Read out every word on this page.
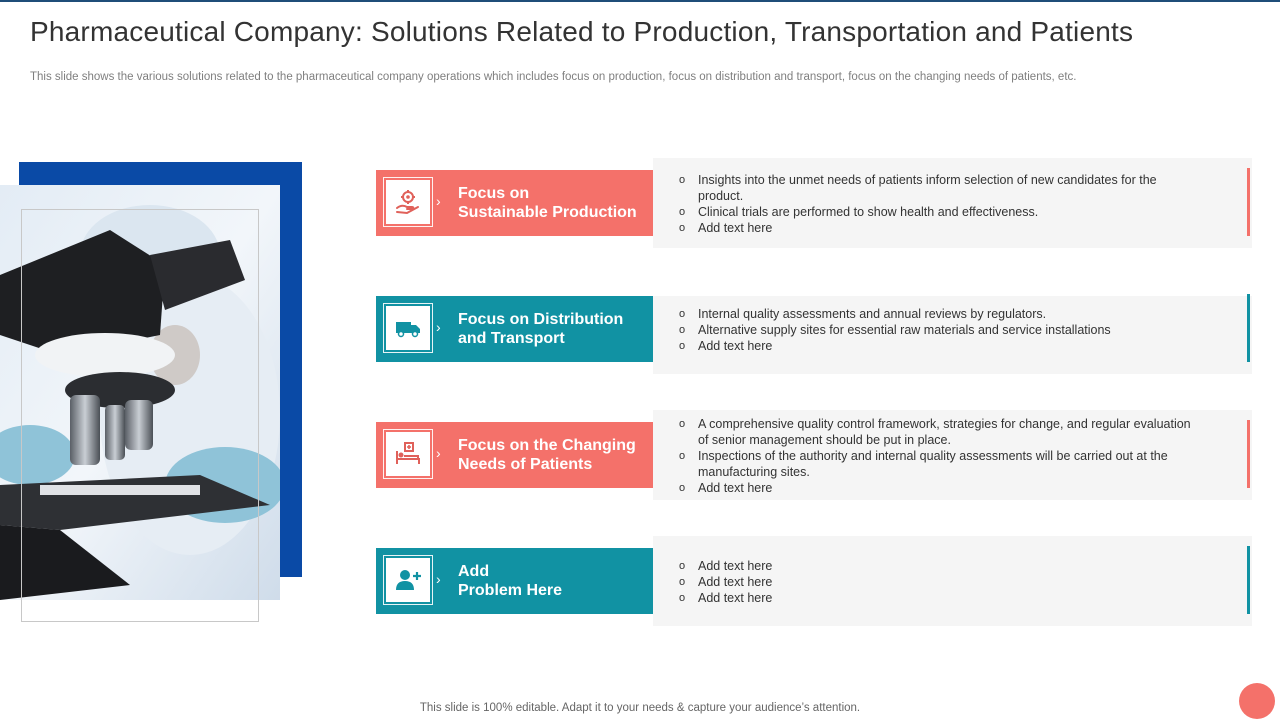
Pharmaceutical Company: Solutions Related to Production, Transportation and Patients
This slide shows the various solutions related to the pharmaceutical company operations which includes focus on production, focus on distribution and transport, focus on the changing needs of patients, etc.
› Focus on
Sustainable Production
o Insights into the unmet needs of patients inform selection of new candidates for the product.
o Clinical trials are performed to show health and effectiveness.
o Add text here
› Focus on Distribution
and Transport
o Internal quality assessments and annual reviews by regulators.
o Alternative supply sites for essential raw materials and service installations
o Add text here
› Focus on the Changing
Needs of Patients
o A comprehensive quality control framework, strategies for change, and regular evaluation of senior management should be put in place.
o Inspections of the authority and internal quality assessments will be carried out at the manufacturing sites.
o Add text here
› Add
Problem Here
o Add text here
o Add text here
o Add text here
This slide is 100% editable. Adapt it to your needs & capture your audience’s attention.
